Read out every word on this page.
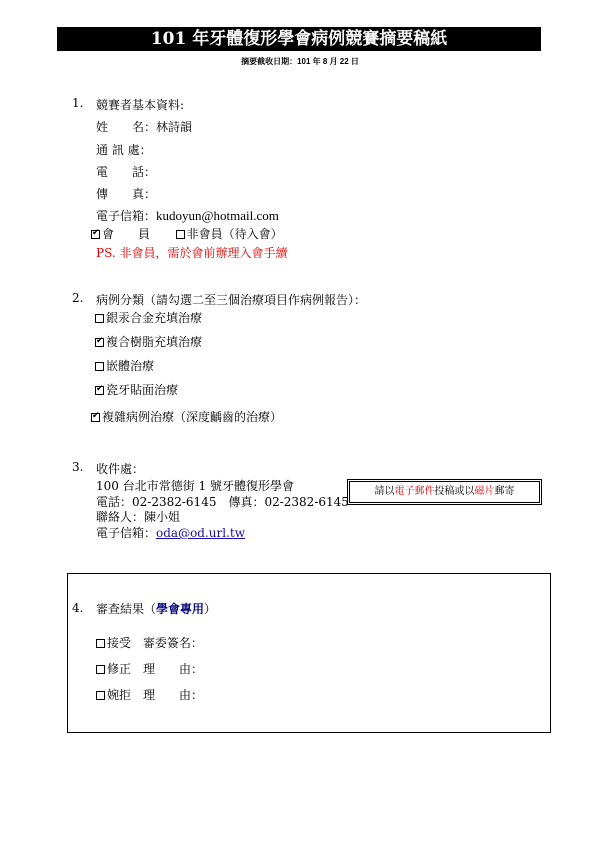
101 年牙體復形學會病例競賽摘要稿紙
摘要截收日期：101 年 8 月 22 日
1. 競賽者基本資料:
姓　　名：林詩韻
通 訊 處：
電　　話：
傳　　真：
電子信箱：kudoyun@hotmail.com
✔會　　員	非會員（待入會）
PS. 非會員，需於會前辦理入會手續
2. 病例分類（請勾選二至三個治療項目作病例報告）：
銀汞合金充填治療
✔複合樹脂充填治療
嵌體治療
✔瓷牙貼面治療
✔複雜病例治療（深度齲齒的治療）
3. 收件處：
100 台北市常德街 1 號牙體復形學會
電話：02-2382-6145　傳真：02-2382-6145
聯絡人：陳小姐
電子信箱：oda@od.url.tw
請以電子郵件投稿或以磁片郵寄
4. 審查結果（學會專用）
接受 審委簽名：
修正　理　　由：
婉拒　理　　由：
